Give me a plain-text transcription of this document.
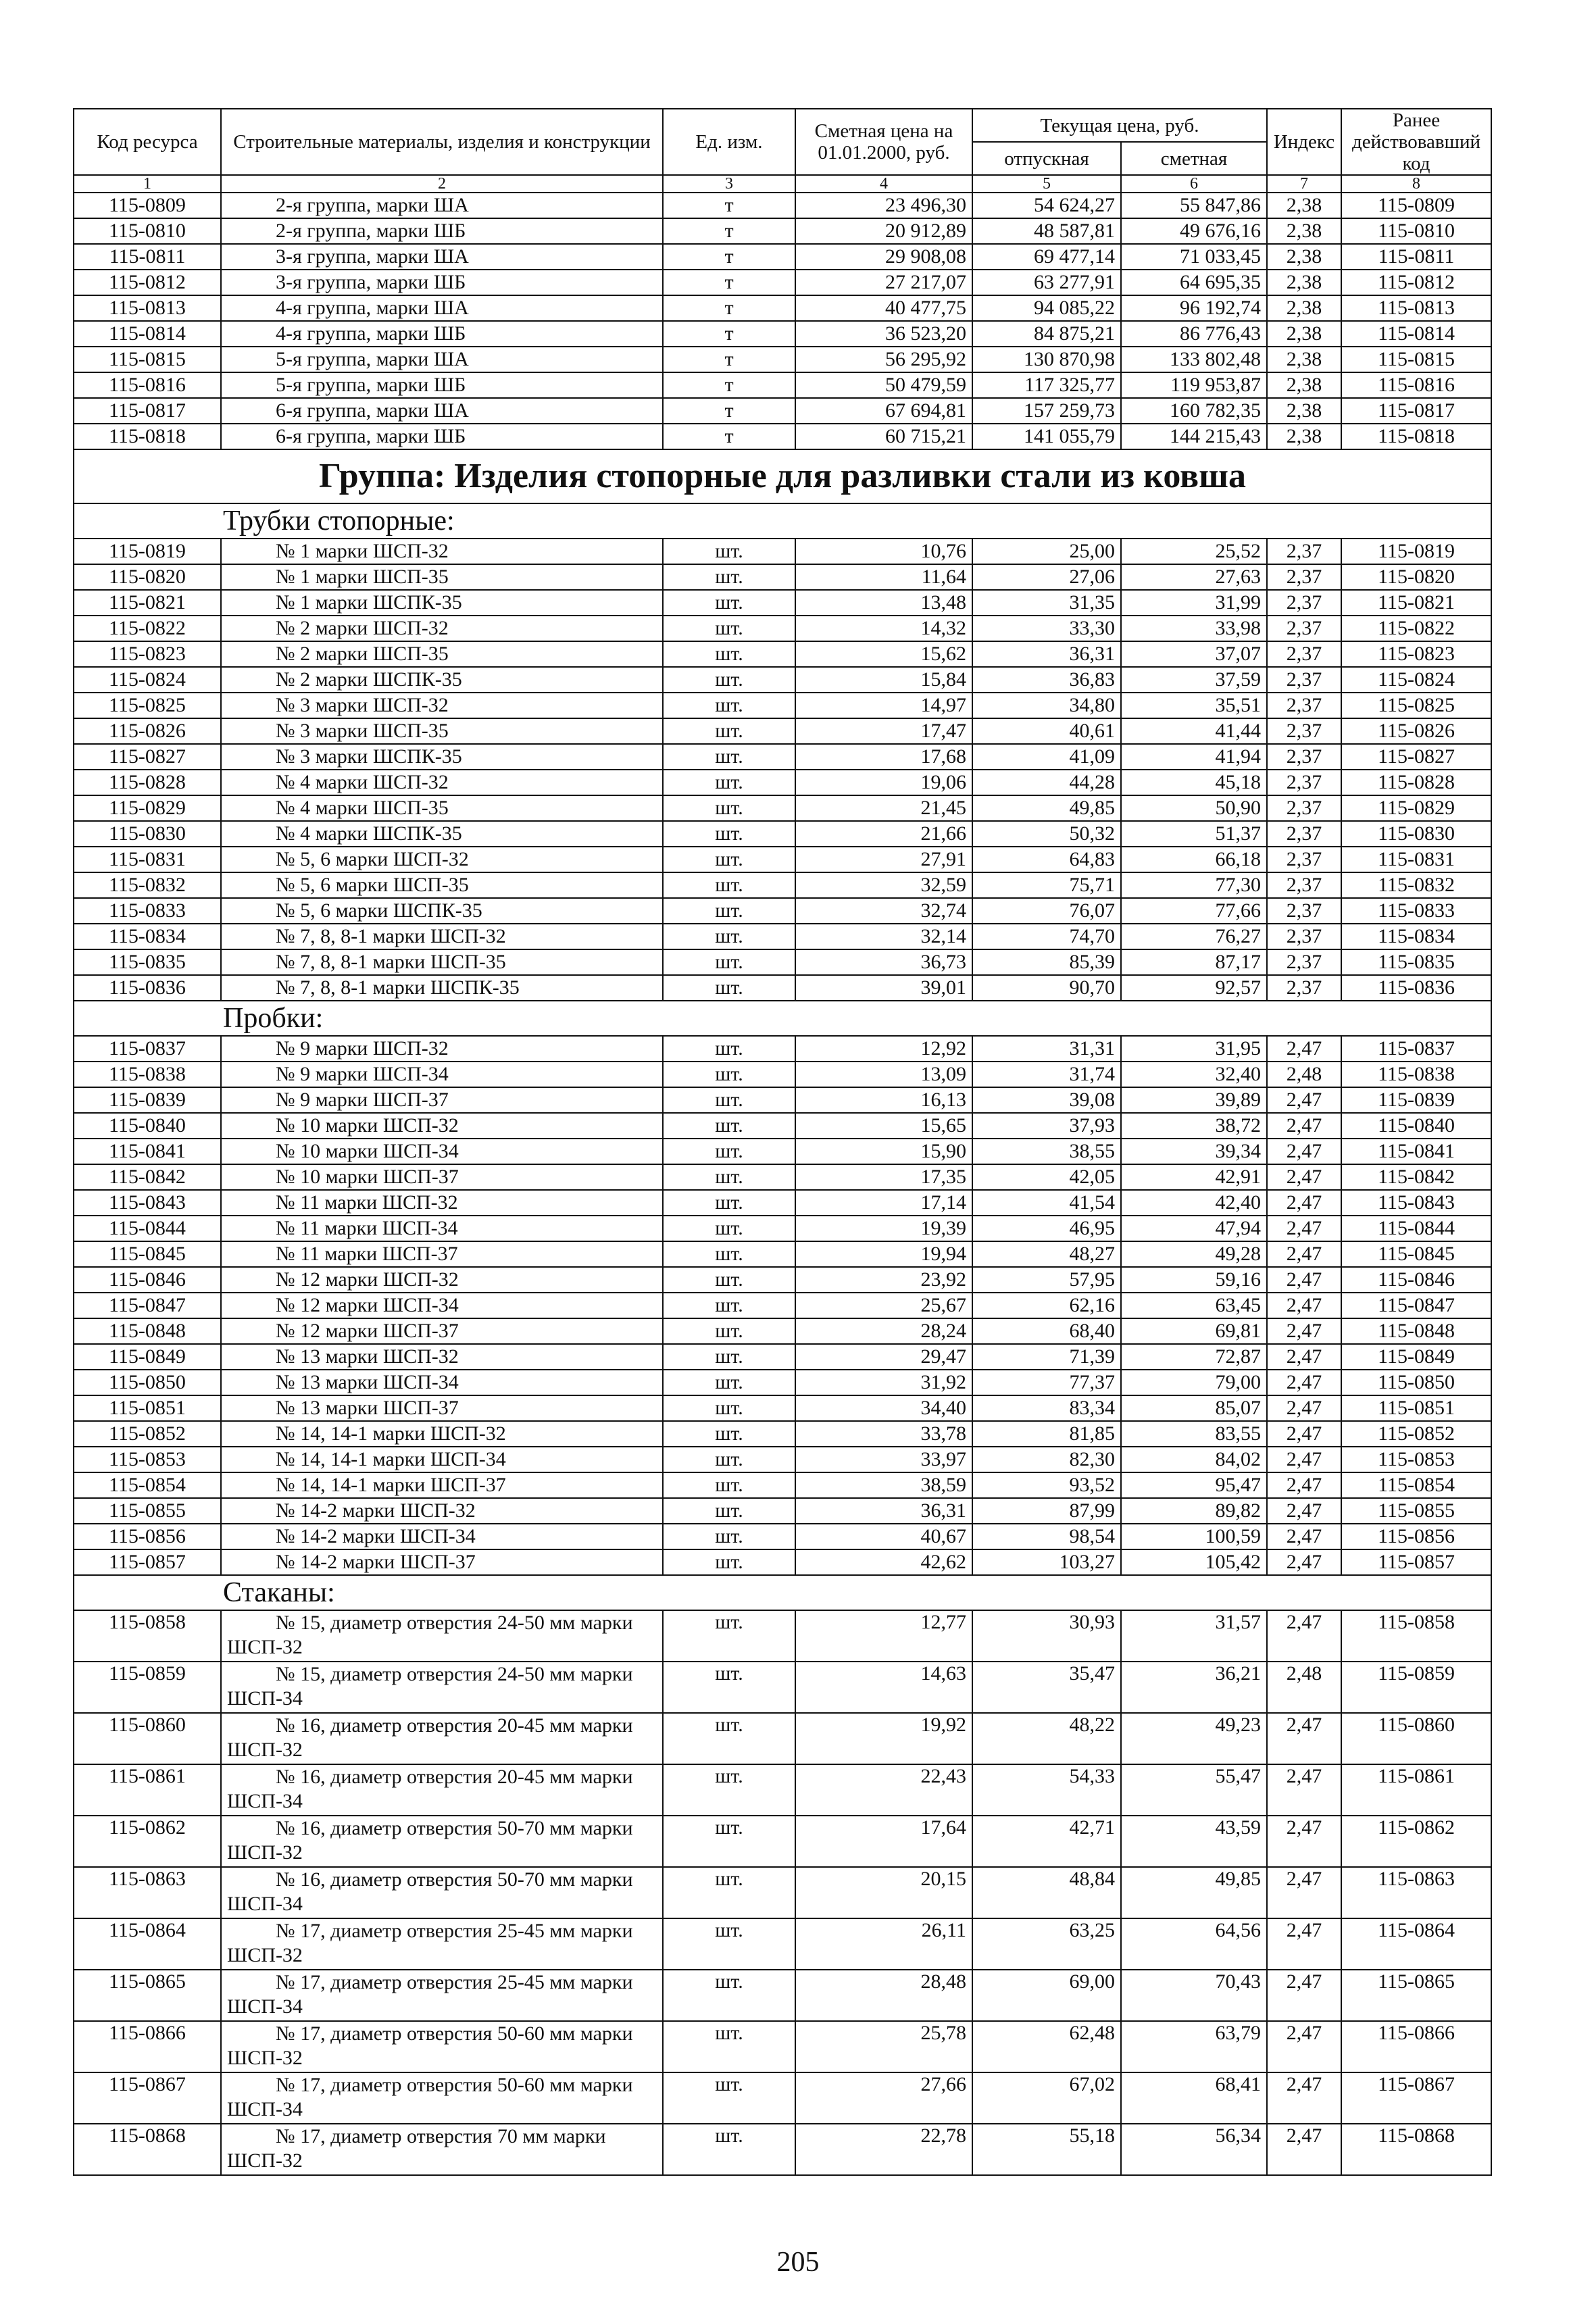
Код ресурса	Строительные материалы, изделия и конструкции	Ед. изм.	Сметная цена на 01.01.2000, руб.	Текущая цена, руб.		Индекс	Ранее действовавший код
				отпускная	сметная		
1	2	3	4	5	6	7	8
115-0809	2-я группа, марки ША	т	23 496,30	54 624,27	55 847,86	2,38	115-0809
115-0810	2-я группа, марки ШБ	т	20 912,89	48 587,81	49 676,16	2,38	115-0810
115-0811	3-я группа, марки ША	т	29 908,08	69 477,14	71 033,45	2,38	115-0811
115-0812	3-я группа, марки ШБ	т	27 217,07	63 277,91	64 695,35	2,38	115-0812
115-0813	4-я группа, марки ША	т	40 477,75	94 085,22	96 192,74	2,38	115-0813
115-0814	4-я группа, марки ШБ	т	36 523,20	84 875,21	86 776,43	2,38	115-0814
115-0815	5-я группа, марки ША	т	56 295,92	130 870,98	133 802,48	2,38	115-0815
115-0816	5-я группа, марки ШБ	т	50 479,59	117 325,77	119 953,87	2,38	115-0816
115-0817	6-я группа, марки ША	т	67 694,81	157 259,73	160 782,35	2,38	115-0817
115-0818	6-я группа, марки ШБ	т	60 715,21	141 055,79	144 215,43	2,38	115-0818
Группа: Изделия стопорные для разливки стали из ковша							
Трубки стопорные:							
115-0819	№ 1 марки ШСП-32	шт.	10,76	25,00	25,52	2,37	115-0819
115-0820	№ 1 марки ШСП-35	шт.	11,64	27,06	27,63	2,37	115-0820
115-0821	№ 1 марки ШСПК-35	шт.	13,48	31,35	31,99	2,37	115-0821
115-0822	№ 2 марки ШСП-32	шт.	14,32	33,30	33,98	2,37	115-0822
115-0823	№ 2 марки ШСП-35	шт.	15,62	36,31	37,07	2,37	115-0823
115-0824	№ 2 марки ШСПК-35	шт.	15,84	36,83	37,59	2,37	115-0824
115-0825	№ 3 марки ШСП-32	шт.	14,97	34,80	35,51	2,37	115-0825
115-0826	№ 3 марки ШСП-35	шт.	17,47	40,61	41,44	2,37	115-0826
115-0827	№ 3 марки ШСПК-35	шт.	17,68	41,09	41,94	2,37	115-0827
115-0828	№ 4 марки ШСП-32	шт.	19,06	44,28	45,18	2,37	115-0828
115-0829	№ 4 марки ШСП-35	шт.	21,45	49,85	50,90	2,37	115-0829
115-0830	№ 4 марки ШСПК-35	шт.	21,66	50,32	51,37	2,37	115-0830
115-0831	№ 5, 6 марки ШСП-32	шт.	27,91	64,83	66,18	2,37	115-0831
115-0832	№ 5, 6 марки ШСП-35	шт.	32,59	75,71	77,30	2,37	115-0832
115-0833	№ 5, 6 марки ШСПК-35	шт.	32,74	76,07	77,66	2,37	115-0833
115-0834	№ 7, 8, 8-1 марки ШСП-32	шт.	32,14	74,70	76,27	2,37	115-0834
115-0835	№ 7, 8, 8-1 марки ШСП-35	шт.	36,73	85,39	87,17	2,37	115-0835
115-0836	№ 7, 8, 8-1 марки ШСПК-35	шт.	39,01	90,70	92,57	2,37	115-0836
Пробки:							
115-0837	№ 9 марки ШСП-32	шт.	12,92	31,31	31,95	2,47	115-0837
115-0838	№ 9 марки ШСП-34	шт.	13,09	31,74	32,40	2,48	115-0838
115-0839	№ 9 марки ШСП-37	шт.	16,13	39,08	39,89	2,47	115-0839
115-0840	№ 10 марки ШСП-32	шт.	15,65	37,93	38,72	2,47	115-0840
115-0841	№ 10 марки ШСП-34	шт.	15,90	38,55	39,34	2,47	115-0841
115-0842	№ 10 марки ШСП-37	шт.	17,35	42,05	42,91	2,47	115-0842
115-0843	№ 11 марки ШСП-32	шт.	17,14	41,54	42,40	2,47	115-0843
115-0844	№ 11 марки ШСП-34	шт.	19,39	46,95	47,94	2,47	115-0844
115-0845	№ 11 марки ШСП-37	шт.	19,94	48,27	49,28	2,47	115-0845
115-0846	№ 12 марки ШСП-32	шт.	23,92	57,95	59,16	2,47	115-0846
115-0847	№ 12 марки ШСП-34	шт.	25,67	62,16	63,45	2,47	115-0847
115-0848	№ 12 марки ШСП-37	шт.	28,24	68,40	69,81	2,47	115-0848
115-0849	№ 13 марки ШСП-32	шт.	29,47	71,39	72,87	2,47	115-0849
115-0850	№ 13 марки ШСП-34	шт.	31,92	77,37	79,00	2,47	115-0850
115-0851	№ 13 марки ШСП-37	шт.	34,40	83,34	85,07	2,47	115-0851
115-0852	№ 14, 14-1 марки ШСП-32	шт.	33,78	81,85	83,55	2,47	115-0852
115-0853	№ 14, 14-1 марки ШСП-34	шт.	33,97	82,30	84,02	2,47	115-0853
115-0854	№ 14, 14-1 марки ШСП-37	шт.	38,59	93,52	95,47	2,47	115-0854
115-0855	№ 14-2 марки ШСП-32	шт.	36,31	87,99	89,82	2,47	115-0855
115-0856	№ 14-2 марки ШСП-34	шт.	40,67	98,54	100,59	2,47	115-0856
115-0857	№ 14-2 марки ШСП-37	шт.	42,62	103,27	105,42	2,47	115-0857
Стаканы:							
115-0858	№ 15, диаметр отверстия 24-50 мм марки ШСП-32	шт.	12,77	30,93	31,57	2,47	115-0858
115-0859	№ 15, диаметр отверстия 24-50 мм марки ШСП-34	шт.	14,63	35,47	36,21	2,48	115-0859
115-0860	№ 16, диаметр отверстия 20-45 мм марки ШСП-32	шт.	19,92	48,22	49,23	2,47	115-0860
115-0861	№ 16, диаметр отверстия 20-45 мм марки ШСП-34	шт.	22,43	54,33	55,47	2,47	115-0861
115-0862	№ 16, диаметр отверстия 50-70 мм марки ШСП-32	шт.	17,64	42,71	43,59	2,47	115-0862
115-0863	№ 16, диаметр отверстия 50-70 мм марки ШСП-34	шт.	20,15	48,84	49,85	2,47	115-0863
115-0864	№ 17, диаметр отверстия 25-45 мм марки ШСП-32	шт.	26,11	63,25	64,56	2,47	115-0864
115-0865	№ 17, диаметр отверстия 25-45 мм марки ШСП-34	шт.	28,48	69,00	70,43	2,47	115-0865
115-0866	№ 17, диаметр отверстия 50-60 мм марки ШСП-32	шт.	25,78	62,48	63,79	2,47	115-0866
115-0867	№ 17, диаметр отверстия 50-60 мм марки ШСП-34	шт.	27,66	67,02	68,41	2,47	115-0867
115-0868	№ 17, диаметр отверстия 70 мм марки ШСП-32	шт.	22,78	55,18	56,34	2,47	115-0868
205
